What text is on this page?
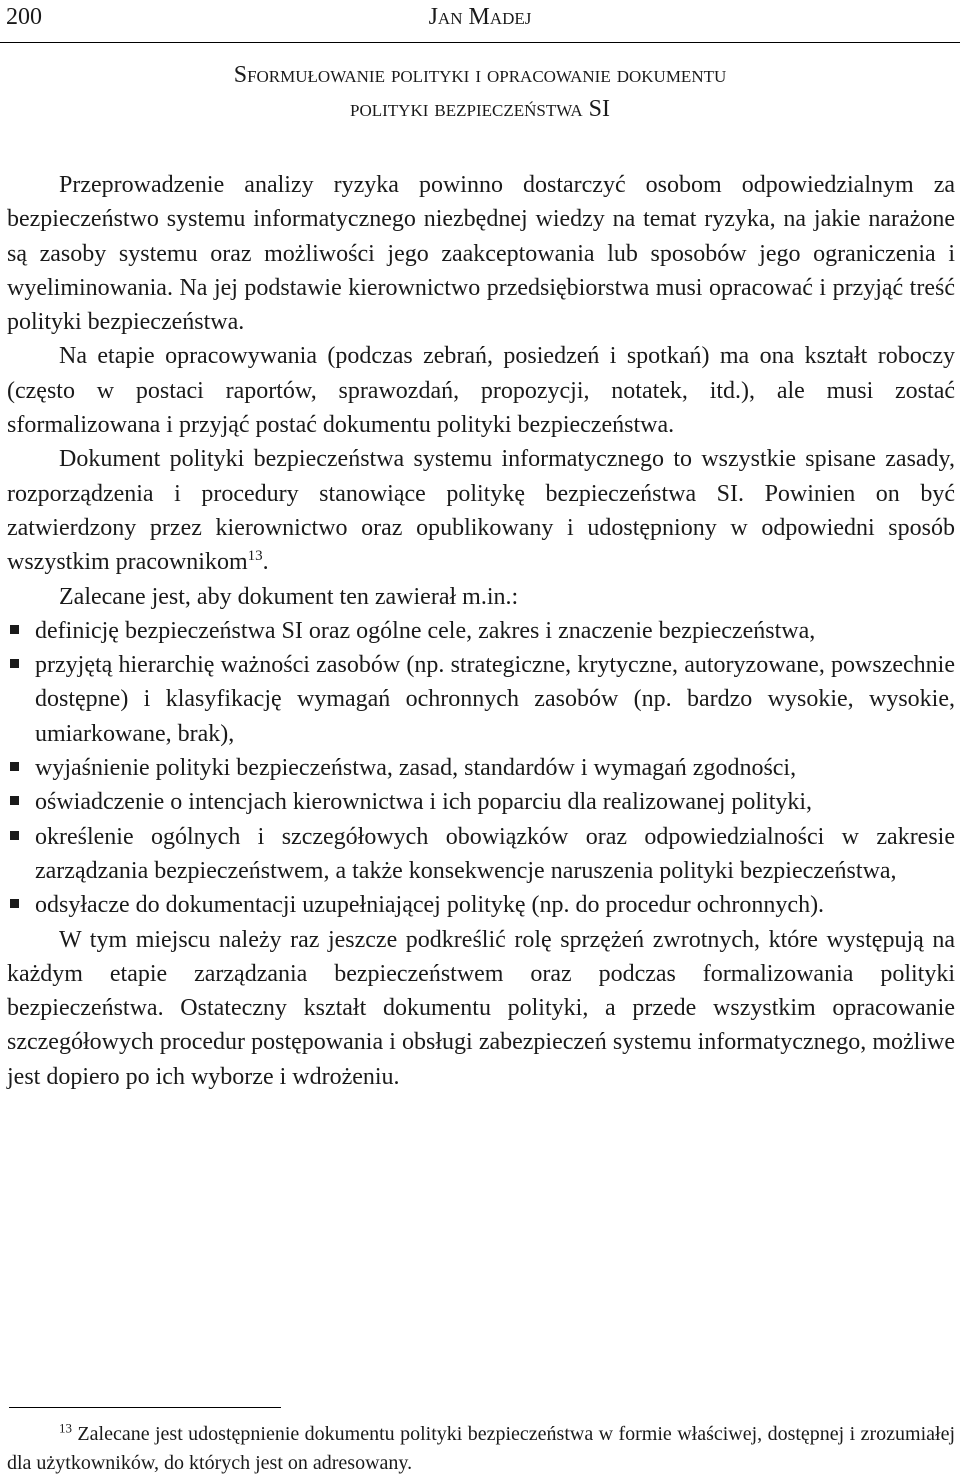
200	Jan Madej
Sformułowanie polityki i opracowanie dokumentu
polityki bezpieczeństwa SI

Przeprowadzenie analizy ryzyka powinno dostarczyć osobom odpowiedzialnym za bezpieczeństwo systemu informatycznego niezbędnej wiedzy na temat ryzyka, na jakie narażone są zasoby systemu oraz możliwości jego zaakceptowania lub sposobów jego ograniczenia i wyeliminowania. Na jej podstawie kierownictwo przedsiębiorstwa musi opracować i przyjąć treść polityki bezpieczeństwa.

Na etapie opracowywania (podczas zebrań, posiedzeń i spotkań) ma ona kształt roboczy (często w postaci raportów, sprawozdań, propozycji, notatek, itd.), ale musi zostać sformalizowana i przyjąć postać dokumentu polityki bezpieczeństwa.

Dokument polityki bezpieczeństwa systemu informatycznego to wszystkie spisane zasady, rozporządzenia i procedury stanowiące politykę bezpieczeństwa SI. Powinien on być zatwierdzony przez kierownictwo oraz opublikowany i udostępniony w odpowiedni sposób wszystkim pracownikom$^{13}$.

Zalecane jest, aby dokument ten zawierał m.in.:

definicję bezpieczeństwa SI oraz ogólne cele, zakres i znaczenie bezpieczeństwa,
przyjętą hierarchię ważności zasobów (np. strategiczne, krytyczne, autoryzowane, powszechnie dostępne) i klasyfikację wymagań ochronnych zasobów (np. bardzo wysokie, wysokie, umiarkowane, brak),
wyjaśnienie polityki bezpieczeństwa, zasad, standardów i wymagań zgodności,
oświadczenie o intencjach kierownictwa i ich poparciu dla realizowanej polityki,
określenie ogólnych i szczegółowych obowiązków oraz odpowiedzialności w zakresie zarządzania bezpieczeństwem, a także konsekwencje naruszenia polityki bezpieczeństwa,
odsyłacze do dokumentacji uzupełniającej politykę (np. do procedur ochronnych).

W tym miejscu należy raz jeszcze podkreślić rolę sprzężeń zwrotnych, które występują na każdym etapie zarządzania bezpieczeństwem oraz podczas formalizowania polityki bezpieczeństwa. Ostateczny kształt dokumentu polityki, a przede wszystkim opracowanie szczegółowych procedur postępowania i obsługi zabezpieczeń systemu informatycznego, możliwe jest dopiero po ich wyborze i wdrożeniu.

$^{13}$ Zalecane jest udostępnienie dokumentu polityki bezpieczeństwa w formie właściwej, dostępnej i zrozumiałej dla użytkowników, do których jest on adresowany.
